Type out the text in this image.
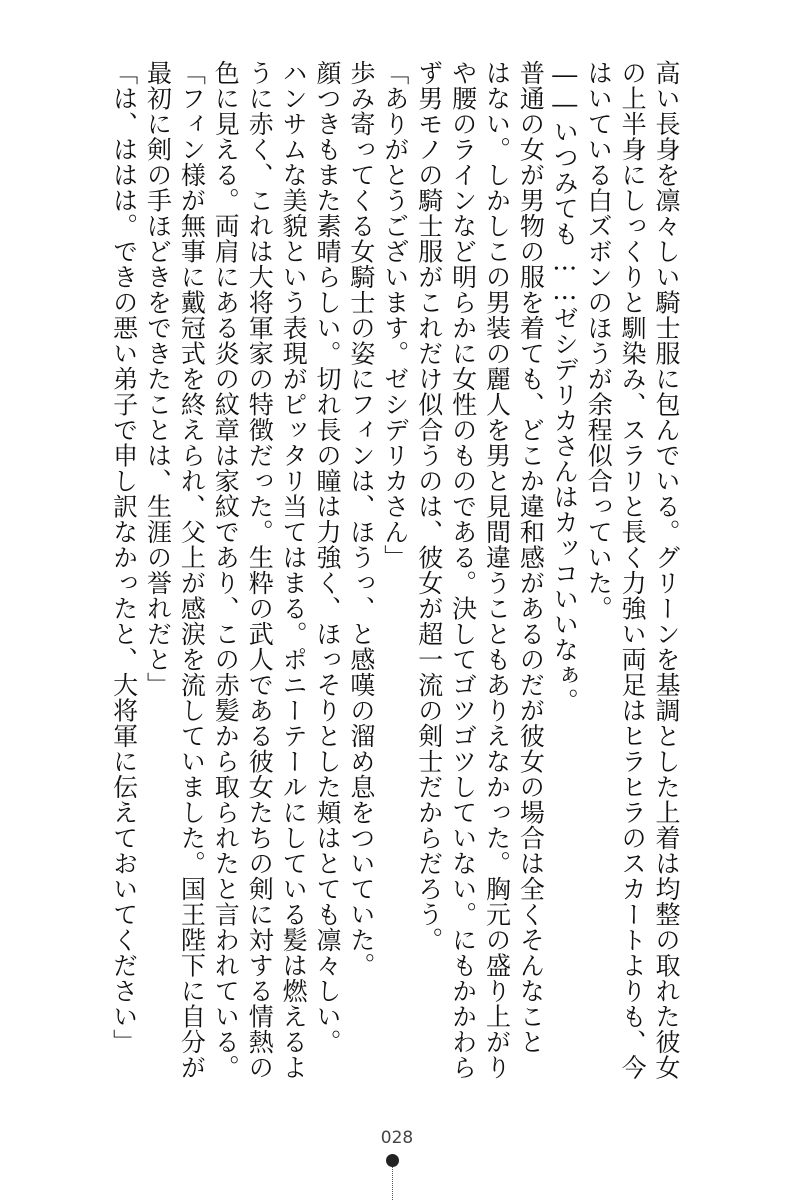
高い長身を凛々しい騎士服に包んでいる。グリーンを基調とした上着は均整の取れた彼女
の上半身にしっくりと馴染み、スラリと長く力強い両足はヒラヒラのスカートよりも、今
はいている白ズボンのほうが余程似合っていた。
――いつみても……ゼシデリカさんはカッコいいなぁ。
普通の女が男物の服を着ても、どこか違和感があるのだが彼女の場合は全くそんなこと
はない。しかしこの男装の麗人を男と見間違うこともありえなかった。胸元の盛り上がり
や腰のラインなど明らかに女性のものである。決してゴツゴツしていない。にもかかわら
ず男モノの騎士服がこれだけ似合うのは、彼女が超一流の剣士だからだろう。
「ありがとうございます。ゼシデリカさん」
歩み寄ってくる女騎士の姿にフィンは、ほうっ、と感嘆の溜め息をついていた。
顔つきもまた素晴らしい。切れ長の瞳は力強く、ほっそりとした頬はとても凛々しい。
ハンサムな美貌という表現がピッタリ当てはまる。ポニーテールにしている髪は燃えるよ
うに赤く、これは大将軍家の特徴だった。生粋の武人である彼女たちの剣に対する情熱の
色に見える。両肩にある炎の紋章は家紋であり、この赤髪から取られたと言われている。
「フィン様が無事に戴冠式を終えられ、父上が感涙を流していました。国王陛下に自分が
最初に剣の手ほどきをできたことは、生涯の誉れだと」
「は、ははは。できの悪い弟子で申し訳なかったと、大将軍に伝えておいてください」
028
